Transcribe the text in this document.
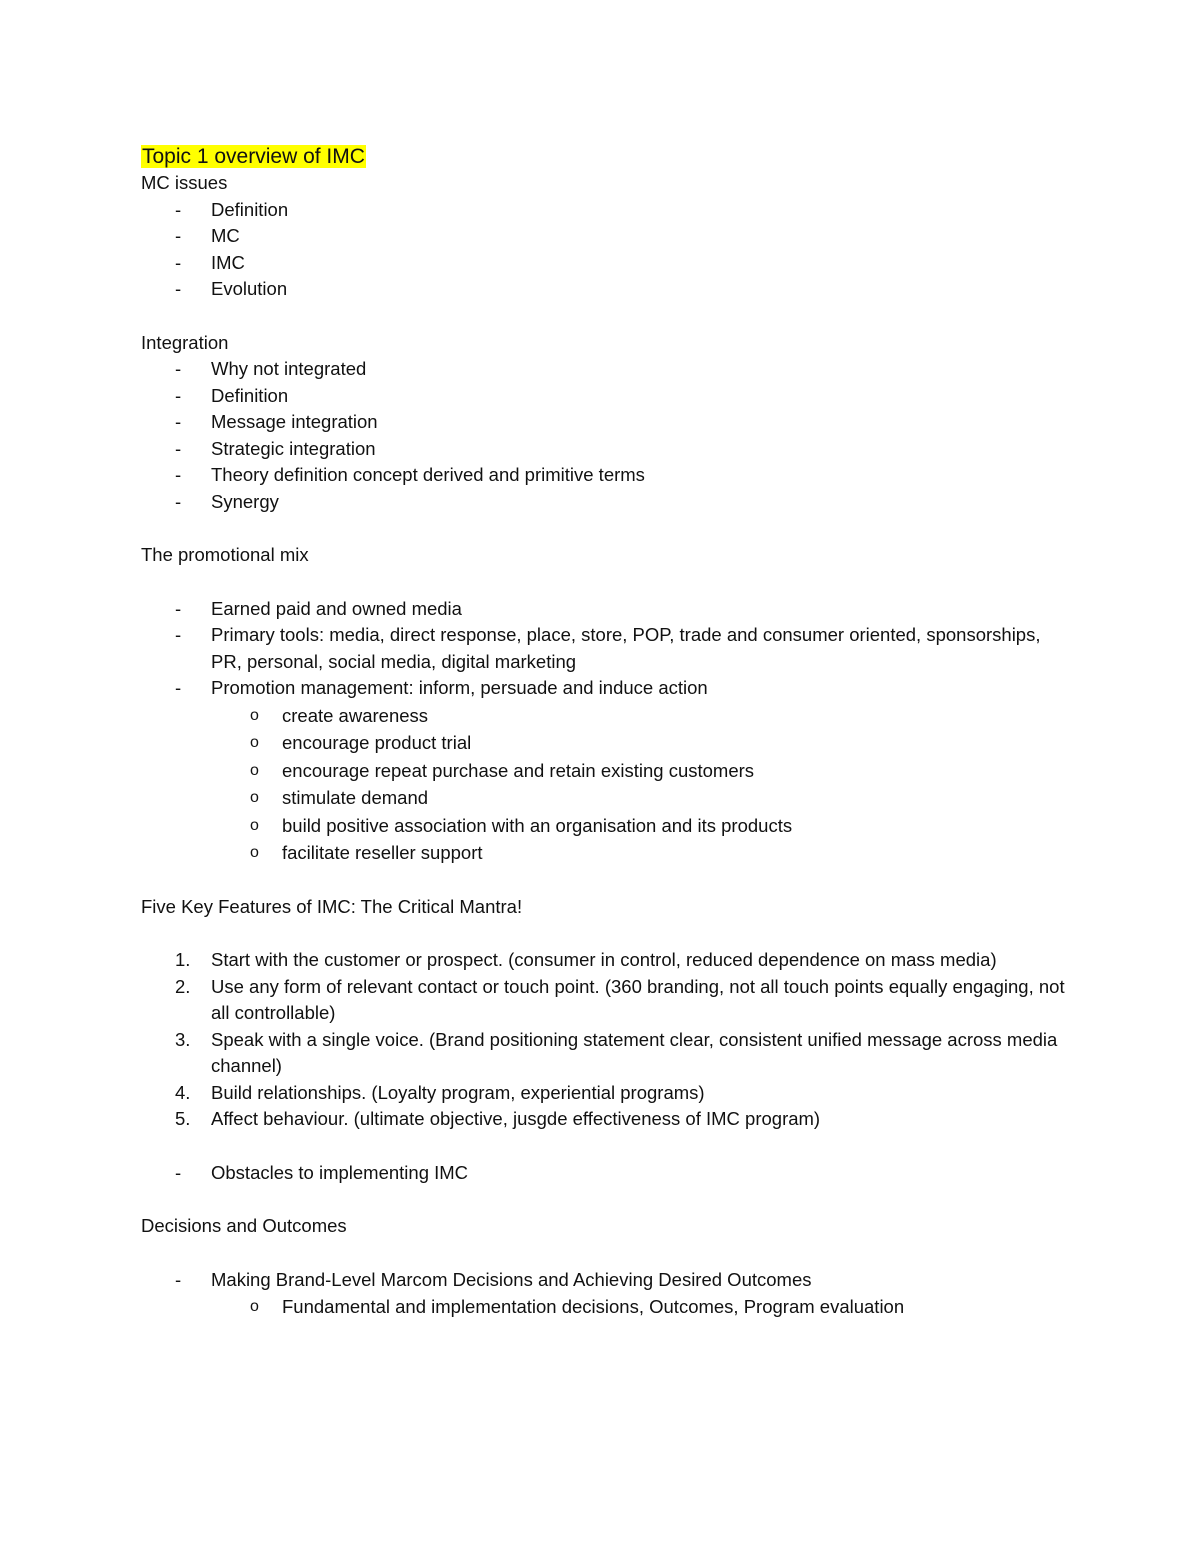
Topic 1 overview of IMC
MC issues
-	Definition
-	MC
-	IMC
-	Evolution
Integration
-	Why not integrated
-	Definition
-	Message integration
-	Strategic integration
-	Theory definition concept derived and primitive terms
-	Synergy
The promotional mix
-	Earned paid and owned media
-	Primary tools: media, direct response, place, store, POP, trade and consumer oriented, sponsorships, PR, personal, social media, digital marketing
-	Promotion management: inform, persuade and induce action
o create awareness
o encourage product trial
o encourage repeat purchase and retain existing customers
o stimulate demand
o build positive association with an organisation and its products
o facilitate reseller support
Five Key Features of IMC: The Critical Mantra!
1. Start with the customer or prospect. (consumer in control, reduced dependence on mass media)
2. Use any form of relevant contact or touch point. (360 branding, not all touch points equally engaging, not all controllable)
3. Speak with a single voice. (Brand positioning statement clear, consistent unified message across media channel)
4. Build relationships. (Loyalty program, experiential programs)
5. Affect behaviour. (ultimate objective, jusgde effectiveness of IMC program)
-	Obstacles to implementing IMC
Decisions and Outcomes
-	Making Brand-Level Marcom Decisions and Achieving Desired Outcomes
o Fundamental and implementation decisions, Outcomes, Program evaluation
